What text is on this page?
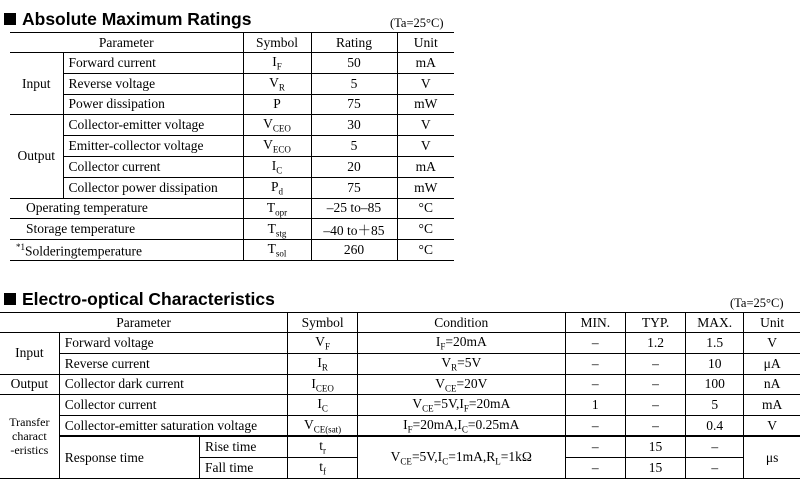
Absolute Maximum Ratings	(Ta=25°C)
Parameter		Symbol	Rating	Unit
Input	Forward current	$I_F$	50	mA
	Reverse voltage	$V_R$	5	V
	Power dissipation	P	75	mW
Output	Collector-emitter voltage	$V_{CEO}$	30	V
	Emitter-collector voltage	$V_{ECO}$	5	V
	Collector current	$I_C$	20	mA
	Collector power dissipation	$P_d$	75	mW
Operating temperature		$T_{opr}$	–25 to–85	°C
Storage temperature		$T_{stg}$	–40 to＋85	°C
$^{*1}$Solderingtemperature		$T_{sol}$	260	°C
Electro-optical Characteristics	(Ta=25°C)
Parameter			Symbol	Condition	MIN.	TYP.	MAX.	Unit
Input	Forward voltage		$V_F$	$I_F=20mA$	–	1.2	1.5	V
	Reverse current		$I_R$	$V_R=5V$	–	–	10	μA
Output	Collector dark current		$I_{CEO}$	$V_{CE}=20V$	–	–	100	nA
Transfer
charact
-eristics	Collector current		$I_C$	$V_{CE}=5V,I_F=20mA$	1	–	5	mA
	Collector-emitter saturation voltage		$V_{CE(sat)}$	$I_F=20mA,I_C=0.25mA$	–	–	0.4	V
	Response time	Rise time	$t_r$	$V_{CE}=5V,I_C=1mA,R_L=1k\Omega$	–	15	–	μs
		Fall time	$t_f$		–	15	–	
